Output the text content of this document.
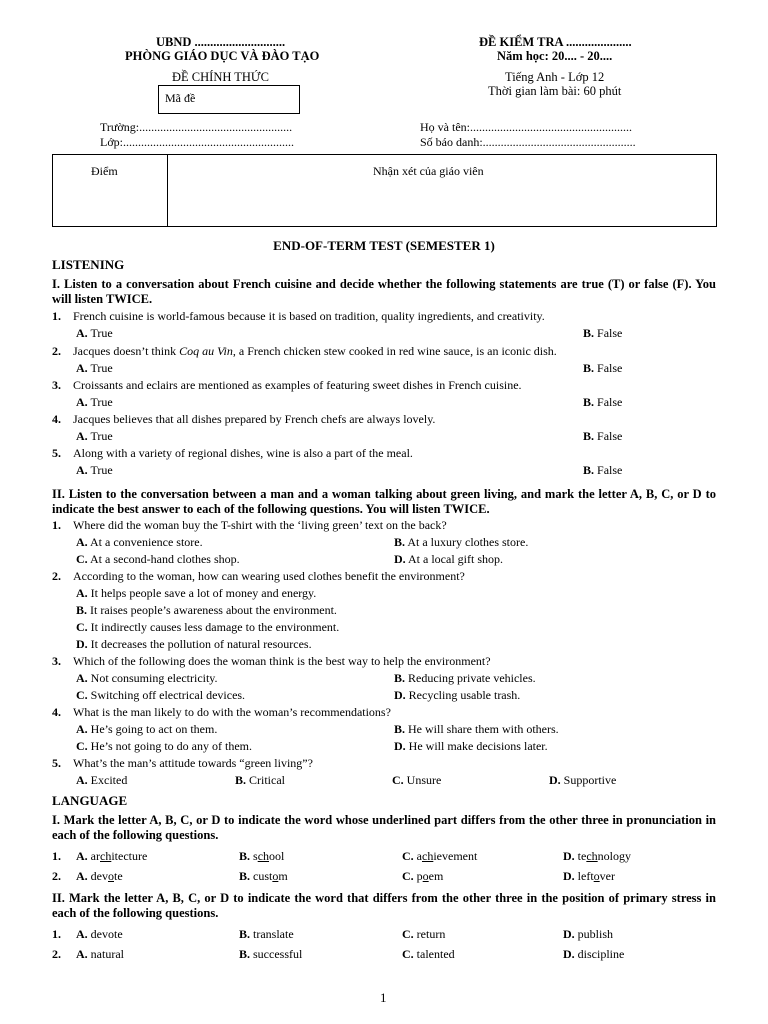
UBND .............................
PHÒNG GIÁO DỤC VÀ ĐÀO TẠO
ĐỀ CHÍNH THỨC
Mã đề
ĐỀ KIỂM TRA .....................
Năm học: 20.... - 20....
Tiếng Anh - Lớp 12
Thời gian làm bài: 60 phút
Trường:...................................................
Lớp:.........................................................
Họ và tên:......................................................
Số báo danh:...................................................
Điểm	Nhận xét của giáo viên
END-OF-TERM TEST (SEMESTER 1)
LISTENING
I. Listen to a conversation about French cuisine and decide whether the following statements are true (T) or false (F). You will listen TWICE.
1. French cuisine is world-famous because it is based on tradition, quality ingredients, and creativity.
A. True	B. False
2. Jacques doesn’t think Coq au Vin, a French chicken stew cooked in red wine sauce, is an iconic dish.
A. True	B. False
3. Croissants and eclairs are mentioned as examples of featuring sweet dishes in French cuisine.
A. True	B. False
4. Jacques believes that all dishes prepared by French chefs are always lovely.
A. True	B. False
5. Along with a variety of regional dishes, wine is also a part of the meal.
A. True	B. False
II. Listen to the conversation between a man and a woman talking about green living, and mark the letter A, B, C, or D to indicate the best answer to each of the following questions. You will listen TWICE.
1. Where did the woman buy the T-shirt with the ‘living green’ text on the back?
A. At a convenience store.	B. At a luxury clothes store.
C. At a second-hand clothes shop.	D. At a local gift shop.
2. According to the woman, how can wearing used clothes benefit the environment?
A. It helps people save a lot of money and energy.
B. It raises people’s awareness about the environment.
C. It indirectly causes less damage to the environment.
D. It decreases the pollution of natural resources.
3. Which of the following does the woman think is the best way to help the environment?
A. Not consuming electricity.	B. Reducing private vehicles.
C. Switching off electrical devices.	D. Recycling usable trash.
4. What is the man likely to do with the woman’s recommendations?
A. He’s going to act on them.	B. He will share them with others.
C. He’s not going to do any of them.	D. He will make decisions later.
5. What’s the man’s attitude towards “green living”?
A. Excited	B. Critical	C. Unsure	D. Supportive
LANGUAGE
I. Mark the letter A, B, C, or D to indicate the word whose underlined part differs from the other three in pronunciation in each of the following questions.
1. A. architecture	B. school	C. achievement	D. technology
2. A. devote	B. custom	C. poem	D. leftover
II. Mark the letter A, B, C, or D to indicate the word that differs from the other three in the position of primary stress in each of the following questions.
1. A. devote	B. translate	C. return	D. publish
2. A. natural	B. successful	C. talented	D. discipline
1
